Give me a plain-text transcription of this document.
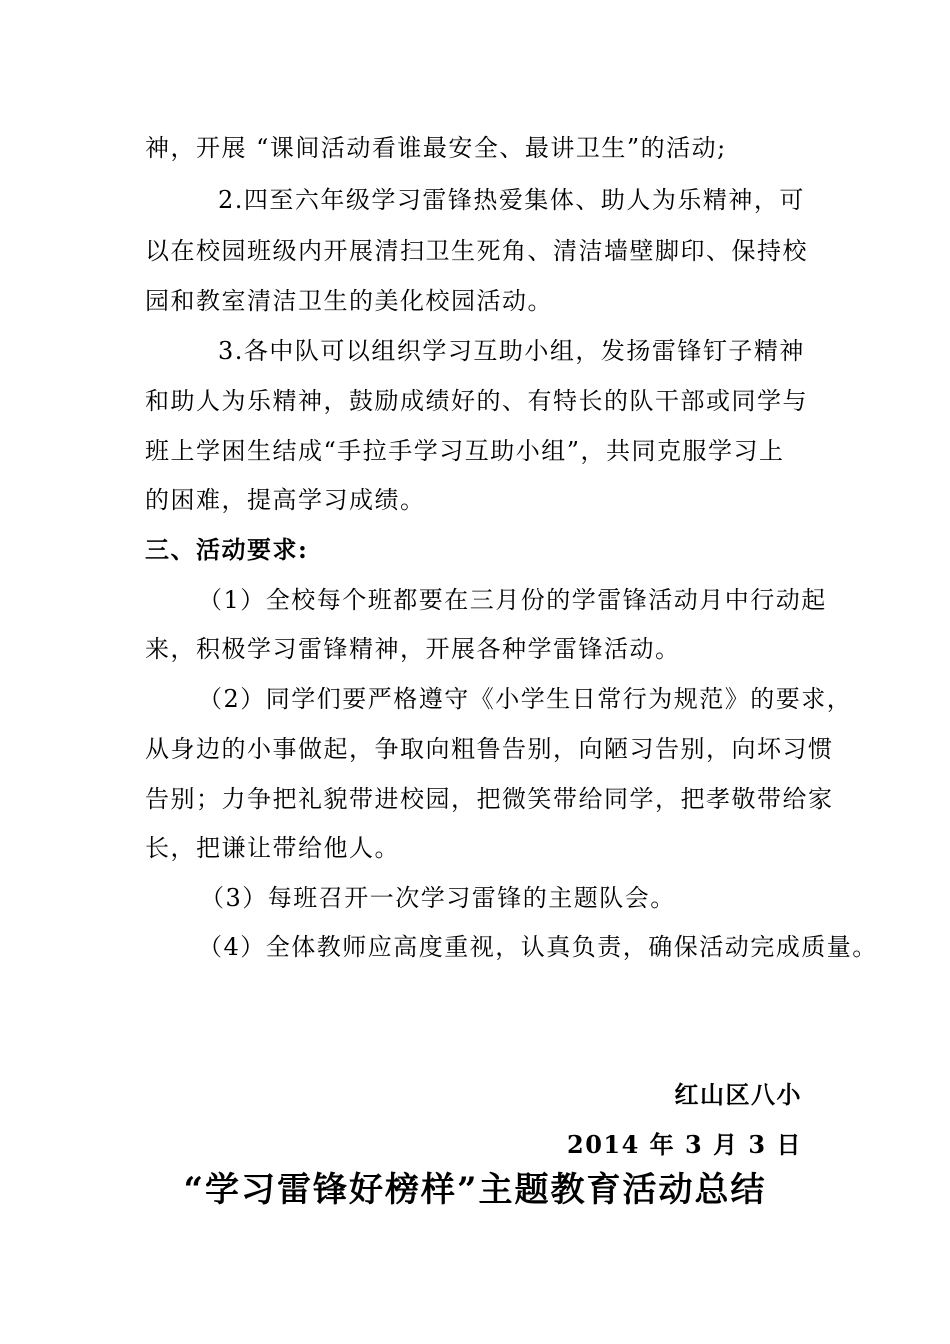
神，开展 “课间活动看谁最安全、最讲卫生”的活动;
2.四至六年级学习雷锋热爱集体、助人为乐精神，可
以在校园班级内开展清扫卫生死角、清洁墙壁脚印、保持校
园和教室清洁卫生的美化校园活动。
3.各中队可以组织学习互助小组，发扬雷锋钉子精神
和助人为乐精神，鼓励成绩好的、有特长的队干部或同学与
班上学困生结成“手拉手学习互助小组”，共同克服学习上
的困难，提高学习成绩。
三、活动要求:
（1）全校每个班都要在三月份的学雷锋活动月中行动起
来，积极学习雷锋精神，开展各种学雷锋活动。
（2）同学们要严格遵守《小学生日常行为规范》的要求，
从身边的小事做起，争取向粗鲁告别，向陋习告别，向坏习惯
告别；力争把礼貌带进校园，把微笑带给同学，把孝敬带给家
长，把谦让带给他人。
（3）每班召开一次学习雷锋的主题队会。
（4）全体教师应高度重视，认真负责，确保活动完成质量。
红山区八小
2014 年 3 月 3 日
“学习雷锋好榜样”主题教育活动总结
